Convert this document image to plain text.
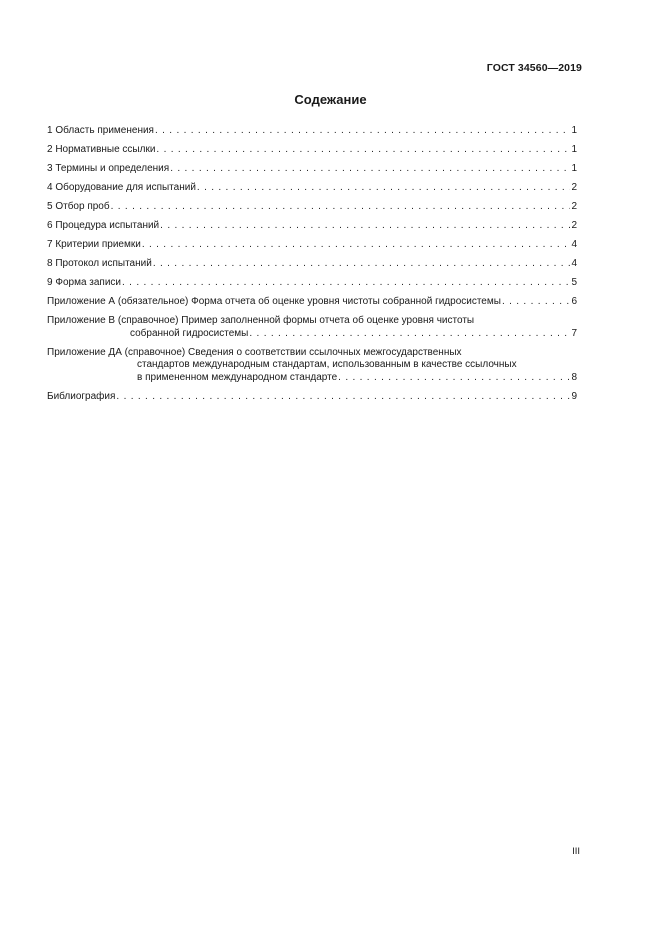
ГОСТ 34560—2019
Содежание
1 Область применения . . .	1
2 Нормативные ссылки . . .	1
3 Термины и определения . . .	1
4 Оборудование для испытаний . . .	2
5 Отбор проб . . .	2
6 Процедура испытаний . . .	2
7 Критерии приемки . . .	4
8 Протокол испытаний . . .	4
9 Форма записи . . .	5
Приложение А (обязательное) Форма отчета об оценке уровня чистоты собранной гидросистемы . . .	6
Приложение В (справочное) Пример заполненной формы отчета об оценке уровня чистоты
собранной гидросистемы . . .	7
Приложение ДА (справочное) Сведения о соответствии ссылочных межгосударственных
стандартов международным стандартам, использованным в качестве ссылочных
в примененном международном стандарте . . .	8
Библиография . . .	9
III
